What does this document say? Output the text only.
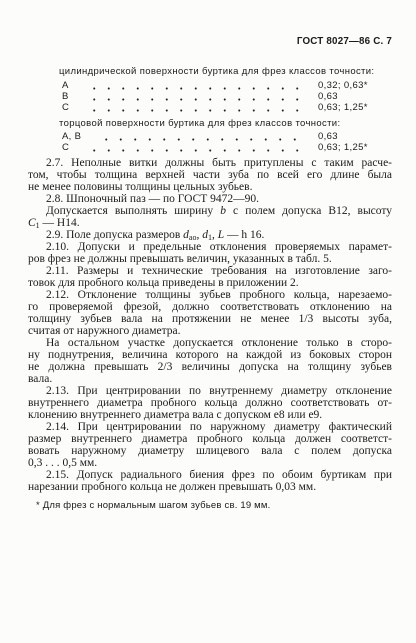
ГОСТ 8027—86 С. 7
цилиндрической поверхности буртика для фрез классов точности:
А	0,32; 0,63*
В	0,63
С	0,63; 1,25*
торцовой поверхности буртика для фрез классов точности:
А, В	0,63
С	0,63; 1,25*
2.7. Неполные витки должны быть притуплены с таким расче-
том, чтобы толщина верхней части зуба по всей его длине была
не менее половины толщины цельных зубьев.
2.8. Шпоночный паз — по ГОСТ 9472—90.
Допускается выполнять ширину b с полем допуска B12, высоту
$C_1$ — H14.
2.9. Поле допуска размеров $d_{ao}$, $d_1$, L — h 16.
2.10. Допуски и предельные отклонения проверяемых парамет-
ров фрез не должны превышать величин, указанных в табл. 5.
2.11. Размеры и технические требования на изготовление заго-
товок для пробного кольца приведены в приложении 2.
2.12. Отклонение толщины зубьев пробного кольца, нарезаемо-
го проверяемой фрезой, должно соответствовать отклонению на
толщину зубьев вала на протяжении не менее 1/3 высоты зуба,
считая от наружного диаметра.
На остальном участке допускается отклонение только в сторо-
ну поднутрения, величина которого на каждой из боковых сторон
не должна превышать 2/3 величины допуска на толщину зубьев
вала.
2.13. При центрировании по внутреннему диаметру отклонение
внутреннего диаметра пробного кольца должно соответствовать от-
клонению внутреннего диаметра вала с допуском е8 или е9.
2.14. При центрировании по наружному диаметру фактический
размер внутреннего диаметра пробного кольца должен соответст-
вовать наружному диаметру шлицевого вала с полем допуска
0,3 . . . 0,5 мм.
2.15. Допуск радиального биения фрез по обоим буртикам при
нарезании пробного кольца не должен превышать 0,03 мм.
* Для фрез с нормальным шагом зубьев св. 19 мм.
